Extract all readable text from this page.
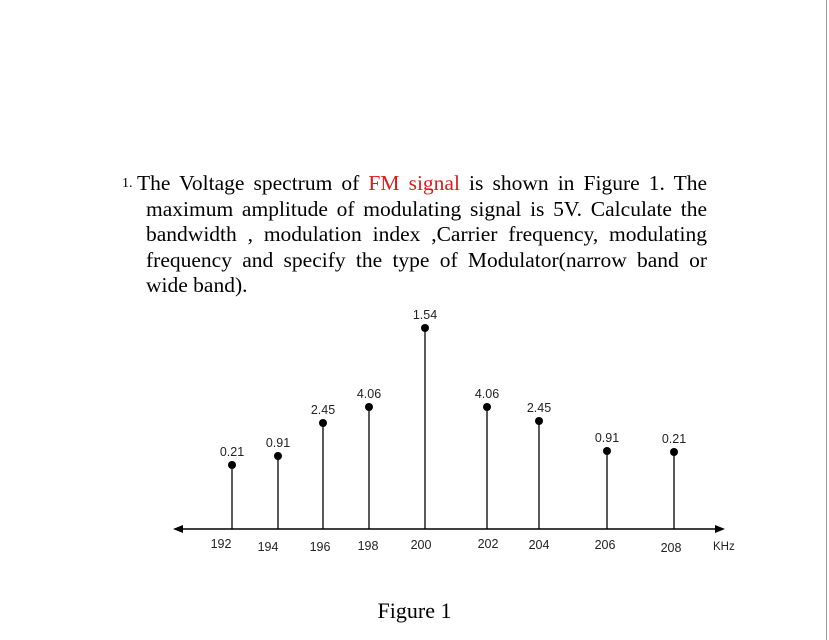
1. The Voltage spectrum of FM signal is shown in Figure 1. The maximum amplitude of modulating signal is 5V. Calculate the bandwidth , modulation index ,Carrier frequency, modulating frequency and specify the type of Modulator(narrow band or wide band).
0.21
0.91
2.45
4.06
1.54
4.06
2.45
0.91	0.21
192 194 196 198	200	202 204	206	208	KHz
Figure 1
